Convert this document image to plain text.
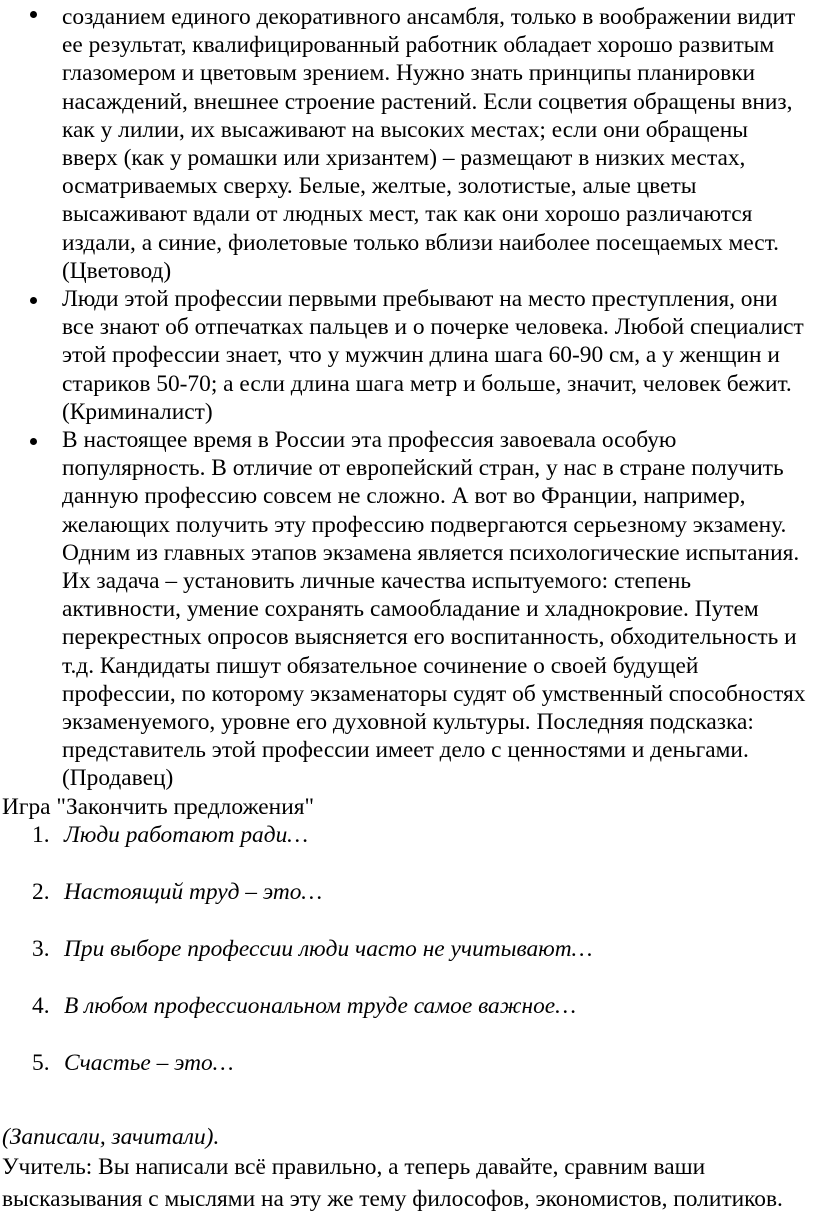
созданием единого декоративного ансамбля, только в воображении видит ее результат, квалифицированный работник обладает хорошо развитым глазомером и цветовым зрением. Нужно знать принципы планировки насаждений, внешнее строение растений. Если соцветия обращены вниз, как у лилии, их высаживают на высоких местах; если они обращены вверх (как у ромашки или хризантем) – размещают в низких местах, осматриваемых сверху. Белые, желтые, золотистые, алые цветы высаживают вдали от людных мест, так как они хорошо различаются издали, а синие, фиолетовые только вблизи наиболее посещаемых мест. (Цветовод)
Люди этой профессии первыми пребывают на место преступления, они все знают об отпечатках пальцев и о почерке человека. Любой специалист этой профессии знает, что у мужчин длина шага 60-90 см, а у женщин и стариков 50-70; а если длина шага метр и больше, значит, человек бежит. (Криминалист)
В настоящее время в России эта профессия завоевала особую популярность. В отличие от европейский стран, у нас в стране получить данную профессию совсем не сложно. А вот во Франции, например, желающих получить эту профессию подвергаются серьезному экзамену. Одним из главных этапов экзамена является психологические испытания. Их задача – установить личные качества испытуемого: степень активности, умение сохранять самообладание и хладнокровие. Путем перекрестных опросов выясняется его воспитанность, обходительность и т.д. Кандидаты пишут обязательное сочинение о своей будущей профессии, по которому экзаменаторы судят об умственный способностях экзаменуемого, уровне его духовной культуры. Последняя подсказка: представитель этой профессии имеет дело с ценностями и деньгами. (Продавец)

Игра "Закончить предложения"

1. Люди работают ради…
2. Настоящий труд – это…
3. При выборе профессии люди часто не учитывают…
4. В любом профессиональном труде самое важное…
5. Счастье – это…

(Записали, зачитали).

Учитель: Вы написали всё правильно, а теперь давайте, сравним ваши высказывания с мыслями на эту же тему философов, экономистов, политиков.
